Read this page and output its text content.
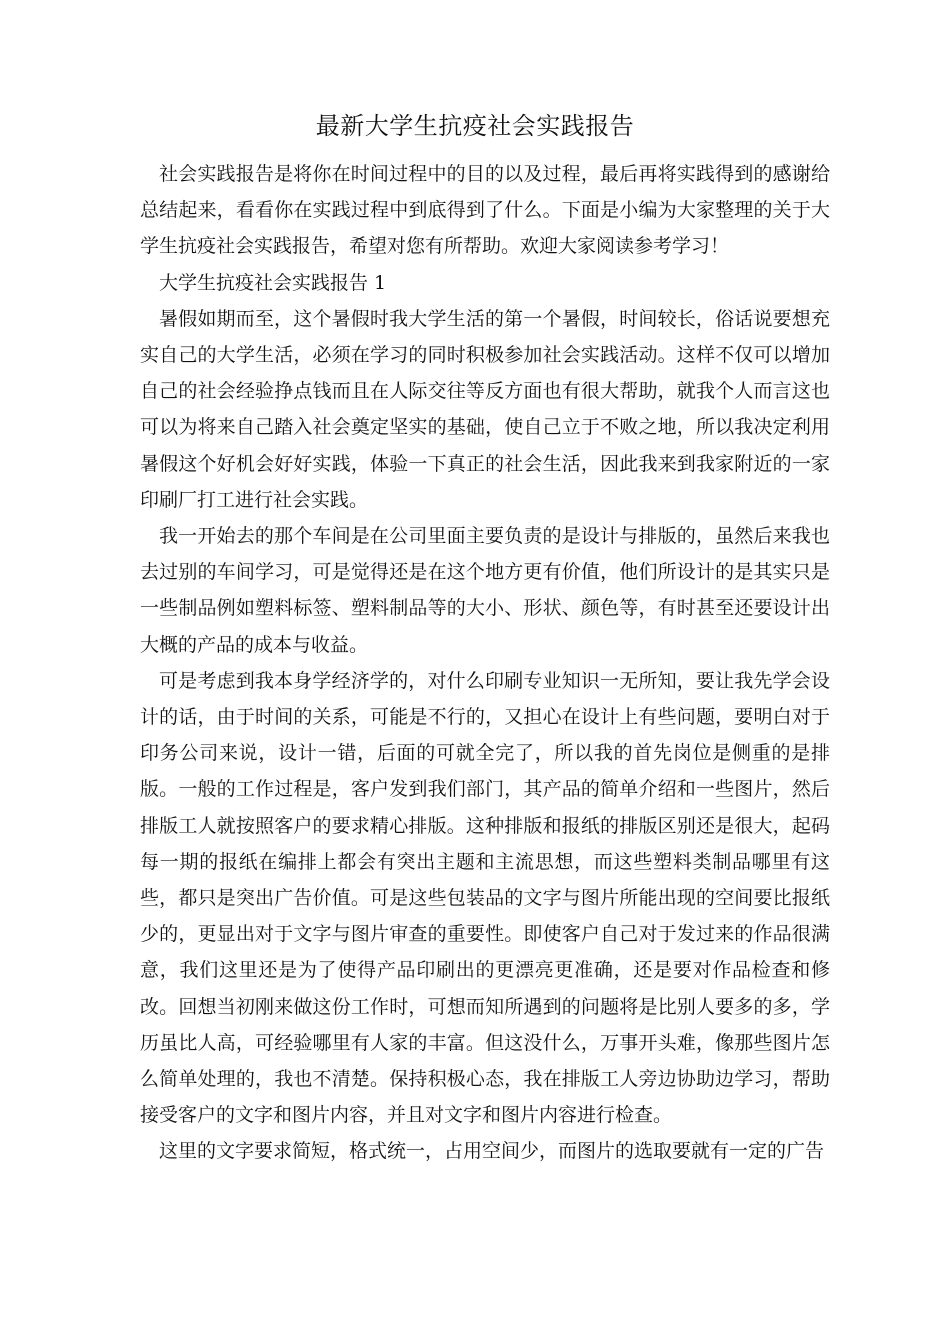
最新大学生抗疫社会实践报告

社会实践报告是将你在时间过程中的目的以及过程，最后再将实践得到的感谢给总结起来，看看你在实践过程中到底得到了什么。下面是小编为大家整理的关于大学生抗疫社会实践报告，希望对您有所帮助。欢迎大家阅读参考学习！

大学生抗疫社会实践报告 1

暑假如期而至，这个暑假时我大学生活的第一个暑假，时间较长，俗话说要想充实自己的大学生活，必须在学习的同时积极参加社会实践活动。这样不仅可以增加自己的社会经验挣点钱而且在人际交往等反方面也有很大帮助，就我个人而言这也可以为将来自己踏入社会奠定坚实的基础，使自己立于不败之地，所以我决定利用暑假这个好机会好好实践，体验一下真正的社会生活，因此我来到我家附近的一家印刷厂打工进行社会实践。

我一开始去的那个车间是在公司里面主要负责的是设计与排版的，虽然后来我也去过别的车间学习，可是觉得还是在这个地方更有价值，他们所设计的是其实只是一些制品例如塑料标签、塑料制品等的大小、形状、颜色等，有时甚至还要设计出大概的产品的成本与收益。

可是考虑到我本身学经济学的，对什么印刷专业知识一无所知，要让我先学会设计的话，由于时间的关系，可能是不行的，又担心在设计上有些问题，要明白对于印务公司来说，设计一错，后面的可就全完了，所以我的首先岗位是侧重的是排版。一般的工作过程是，客户发到我们部门，其产品的简单介绍和一些图片，然后排版工人就按照客户的要求精心排版。这种排版和报纸的排版区别还是很大，起码每一期的报纸在编排上都会有突出主题和主流思想，而这些塑料类制品哪里有这些，都只是突出广告价值。可是这些包装品的文字与图片所能出现的空间要比报纸少的，更显出对于文字与图片审查的重要性。即使客户自己对于发过来的作品很满意，我们这里还是为了使得产品印刷出的更漂亮更准确，还是要对作品检查和修改。回想当初刚来做这份工作时，可想而知所遇到的问题将是比别人要多的多，学历虽比人高，可经验哪里有人家的丰富。但这没什么，万事开头难，像那些图片怎么简单处理的，我也不清楚。保持积极心态，我在排版工人旁边协助边学习，帮助接受客户的文字和图片内容，并且对文字和图片内容进行检查。

这里的文字要求简短，格式统一，占用空间少，而图片的选取要就有一定的广告
